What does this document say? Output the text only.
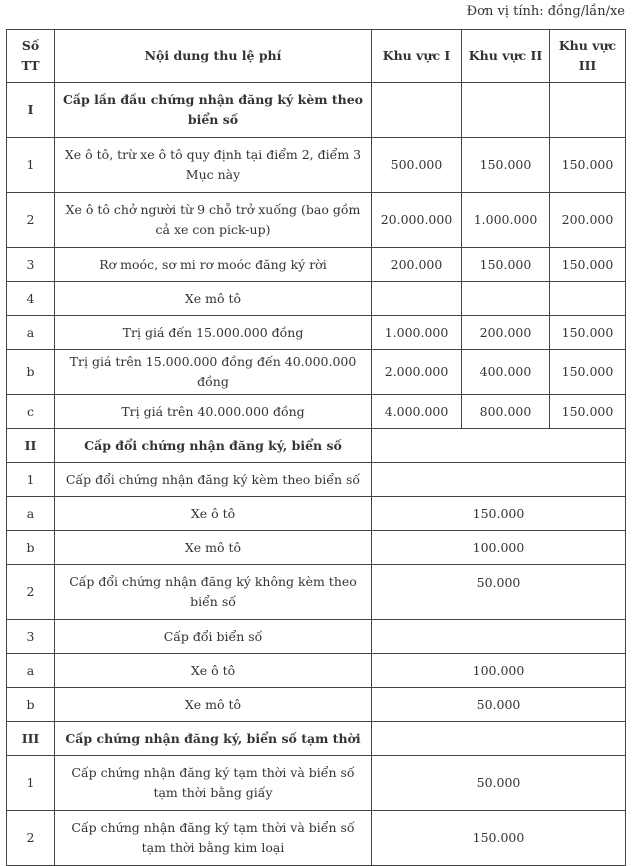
Đơn vị tính: đồng/lần/xe
Số TT	Nội dung thu lệ phí	Khu vực I	Khu vực II	Khu vực III
I	Cấp lần đầu chứng nhận đăng ký kèm theo biển số			
1	Xe ô tô, trừ xe ô tô quy định tại điểm 2, điểm 3 Mục này	500.000	150.000	150.000
2	Xe ô tô chở người từ 9 chỗ trở xuống (bao gồm cả xe con pick-up)	20.000.000	1.000.000	200.000
3	Rơ moóc, sơ mi rơ moóc đăng ký rời	200.000	150.000	150.000
4	Xe mô tô			
a	Trị giá đến 15.000.000 đồng	1.000.000	200.000	150.000
b	Trị giá trên 15.000.000 đồng đến 40.000.000 đồng	2.000.000	400.000	150.000
c	Trị giá trên 40.000.000 đồng	4.000.000	800.000	150.000
II	Cấp đổi chứng nhận đăng ký, biển số			
1	Cấp đổi chứng nhận đăng ký kèm theo biển số			
a	Xe ô tô	150.000		
b	Xe mô tô	100.000		
2	Cấp đổi chứng nhận đăng ký không kèm theo biển số	50.000		
3	Cấp đổi biển số			
a	Xe ô tô	100.000		
b	Xe mô tô	50.000		
III	Cấp chứng nhận đăng ký, biển số tạm thời			
1	Cấp chứng nhận đăng ký tạm thời và biển số tạm thời bằng giấy	50.000		
2	Cấp chứng nhận đăng ký tạm thời và biển số tạm thời bằng kim loại	150.000		
